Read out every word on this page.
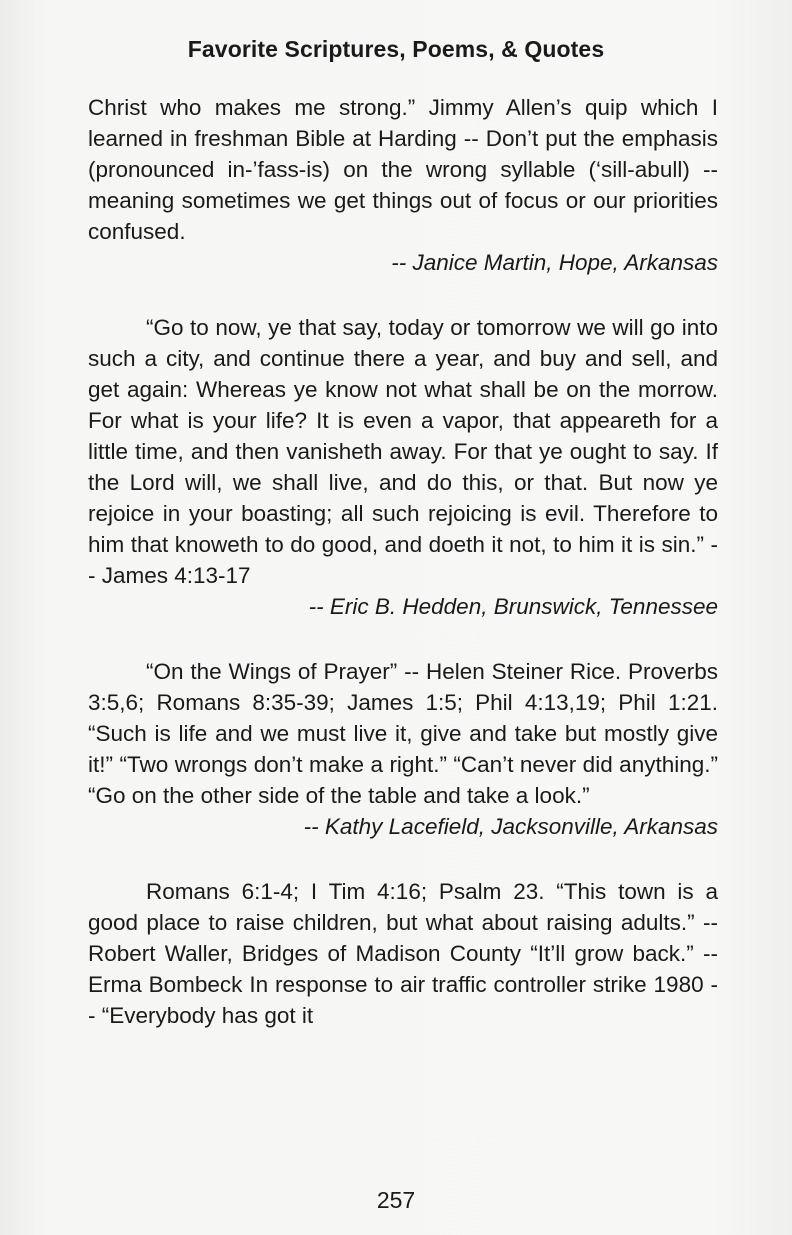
Favorite Scriptures, Poems, & Quotes

Christ who makes me strong.” Jimmy Allen’s quip which I learned in freshman Bible at Harding -- Don’t put the emphasis (pronounced in-’fass-is) on the wrong syllable (‘sill-abull) -- meaning sometimes we get things out of focus or our priorities confused.

-- Janice Martin, Hope, Arkansas

“Go to now, ye that say, today or tomorrow we will go into such a city, and continue there a year, and buy and sell, and get again: Whereas ye know not what shall be on the morrow. For what is your life? It is even a vapor, that appeareth for a little time, and then vanisheth away. For that ye ought to say. If the Lord will, we shall live, and do this, or that. But now ye rejoice in your boasting; all such rejoicing is evil. Therefore to him that knoweth to do good, and doeth it not, to him it is sin.” -- James 4:13-17

-- Eric B. Hedden, Brunswick, Tennessee

“On the Wings of Prayer” -- Helen Steiner Rice. Proverbs 3:5,6; Romans 8:35-39; James 1:5; Phil 4:13,19; Phil 1:21. “Such is life and we must live it, give and take but mostly give it!” “Two wrongs don’t make a right.” “Can’t never did anything.” “Go on the other side of the table and take a look.”

-- Kathy Lacefield, Jacksonville, Arkansas

Romans 6:1-4; I Tim 4:16; Psalm 23. “This town is a good place to raise children, but what about raising adults.” -- Robert Waller, Bridges of Madison County “It’ll grow back.” -- Erma Bombeck In response to air traffic controller strike 1980 -- “Everybody has got it

257
